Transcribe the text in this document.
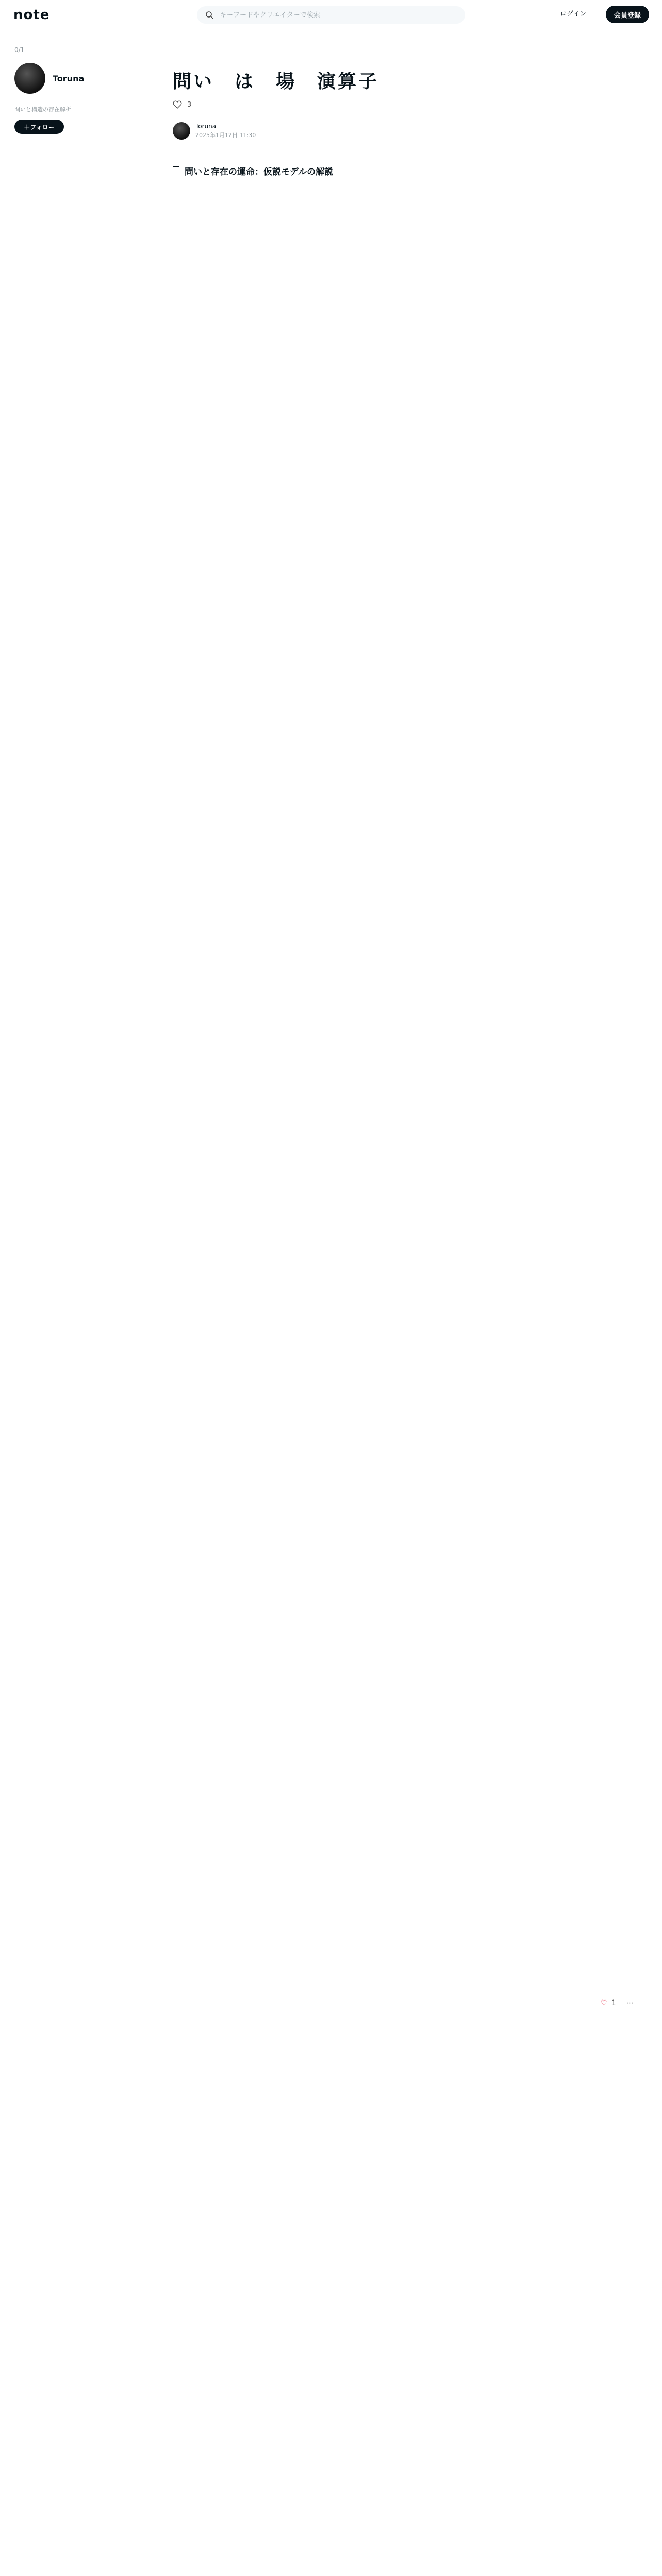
note
キーワードやクリエイターで検索	ログイン	会員登録
0/1
Toruna
問いと構造の存在解析
＋ フォロー
問い　は　場　演算子
3
Toruna
2025年1月12日 11:30
問いと存在の運命：仮説モデルの解説
♡ 1 ⋯
